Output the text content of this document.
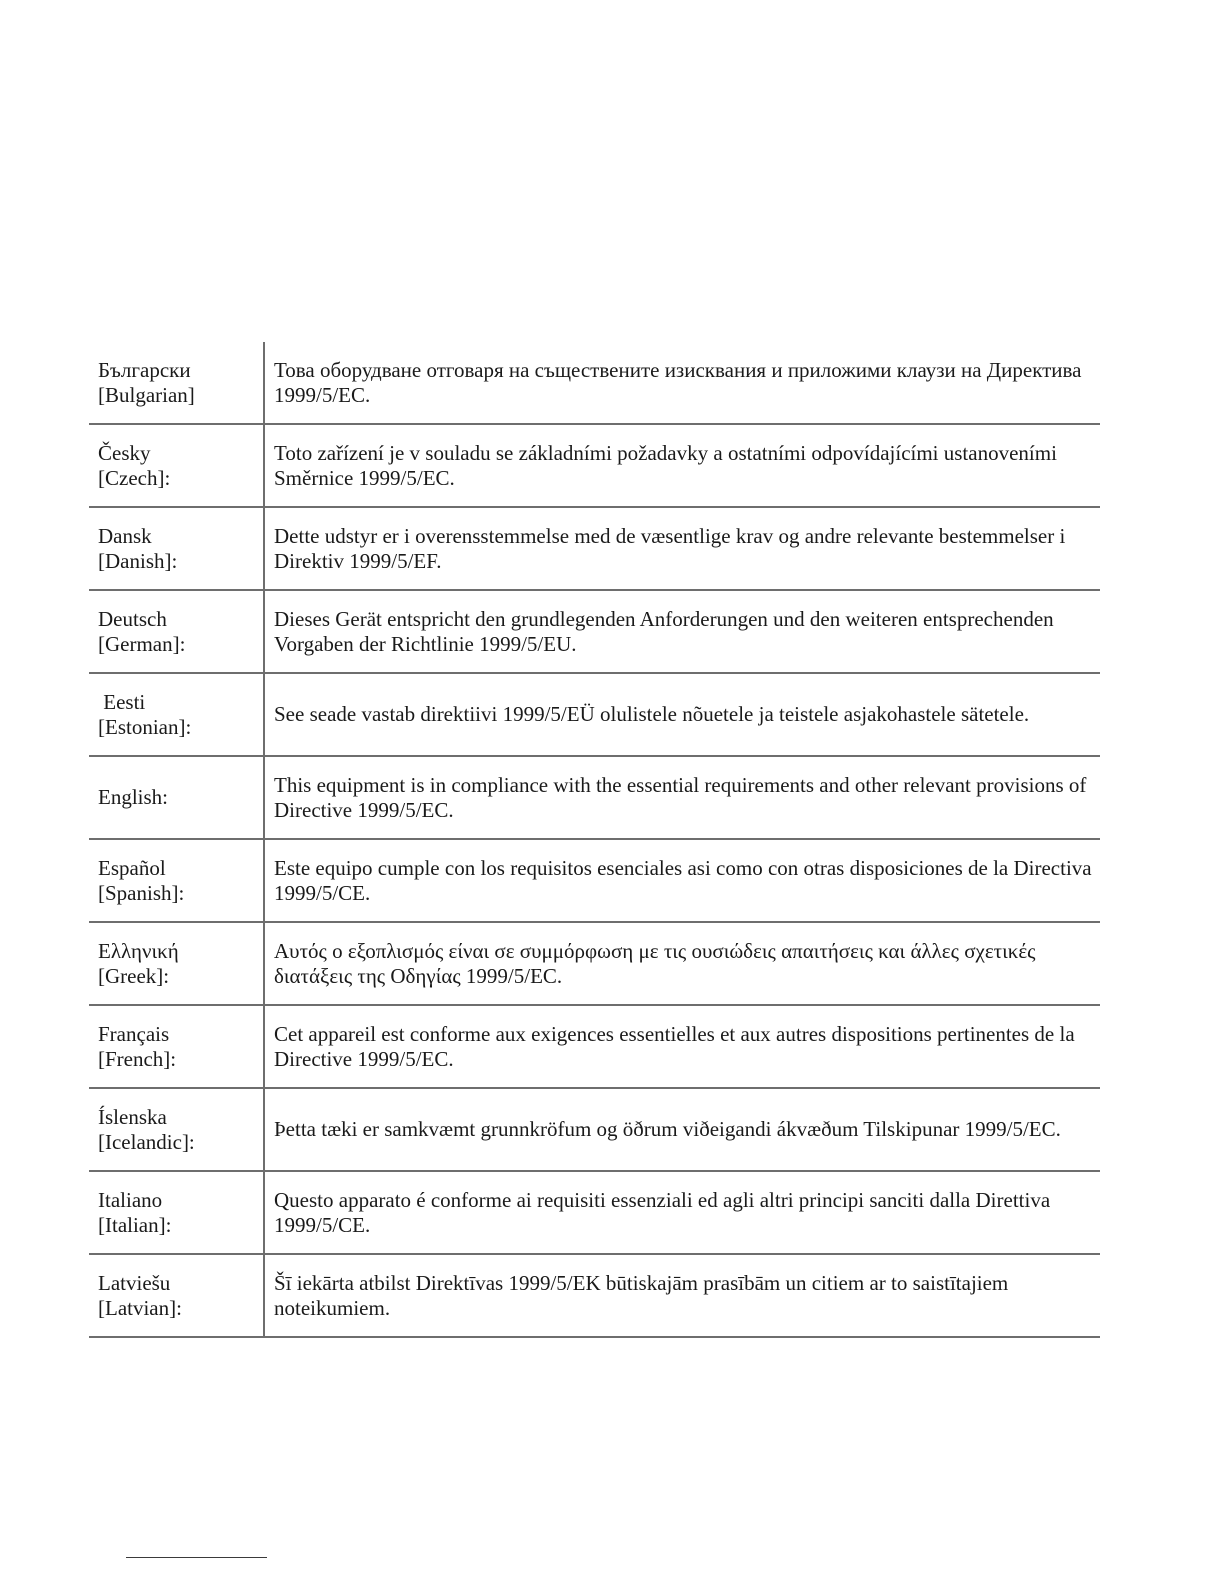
Български
[Bulgarian]
Това оборудване отговаря на съществените изисквания и приложими клаузи на Директива 1999/5/EC.
Česky
[Czech]:
Toto zařízení je v souladu se základními požadavky a ostatními odpovídajícími ustanoveními Směrnice 1999/5/EC.
Dansk
[Danish]:
Dette udstyr er i overensstemmelse med de væsentlige krav og andre relevante bestemmelser i Direktiv 1999/5/EF.
Deutsch
[German]:
Dieses Gerät entspricht den grundlegenden Anforderungen und den weiteren entsprechenden Vorgaben der Richtlinie 1999/5/EU.
Eesti
[Estonian]:
See seade vastab direktiivi 1999/5/EÜ olulistele nõuetele ja teistele asjakohastele sätetele.
English:
This equipment is in compliance with the essential requirements and other relevant provisions of Directive 1999/5/EC.
Español
[Spanish]:
Este equipo cumple con los requisitos esenciales asi como con otras disposiciones de la Directiva 1999/5/CE.
Ελληνική
[Greek]:
Αυτός ο εξοπλισμός είναι σε συμμόρφωση με τις ουσιώδεις απαιτήσεις και άλλες σχετικές διατάξεις της Οδηγίας 1999/5/EC.
Français
[French]:
Cet appareil est conforme aux exigences essentielles et aux autres dispositions pertinentes de la Directive 1999/5/EC.
Íslenska
[Icelandic]:
Þetta tæki er samkvæmt grunnkröfum og öðrum viðeigandi ákvæðum Tilskipunar 1999/5/EC.
Italiano
[Italian]:
Questo apparato é conforme ai requisiti essenziali ed agli altri principi sanciti dalla Direttiva 1999/5/CE.
Latviešu
[Latvian]:
Šī iekārta atbilst Direktīvas 1999/5/EK būtiskajām prasībām un citiem ar to saistītajiem noteikumiem.
